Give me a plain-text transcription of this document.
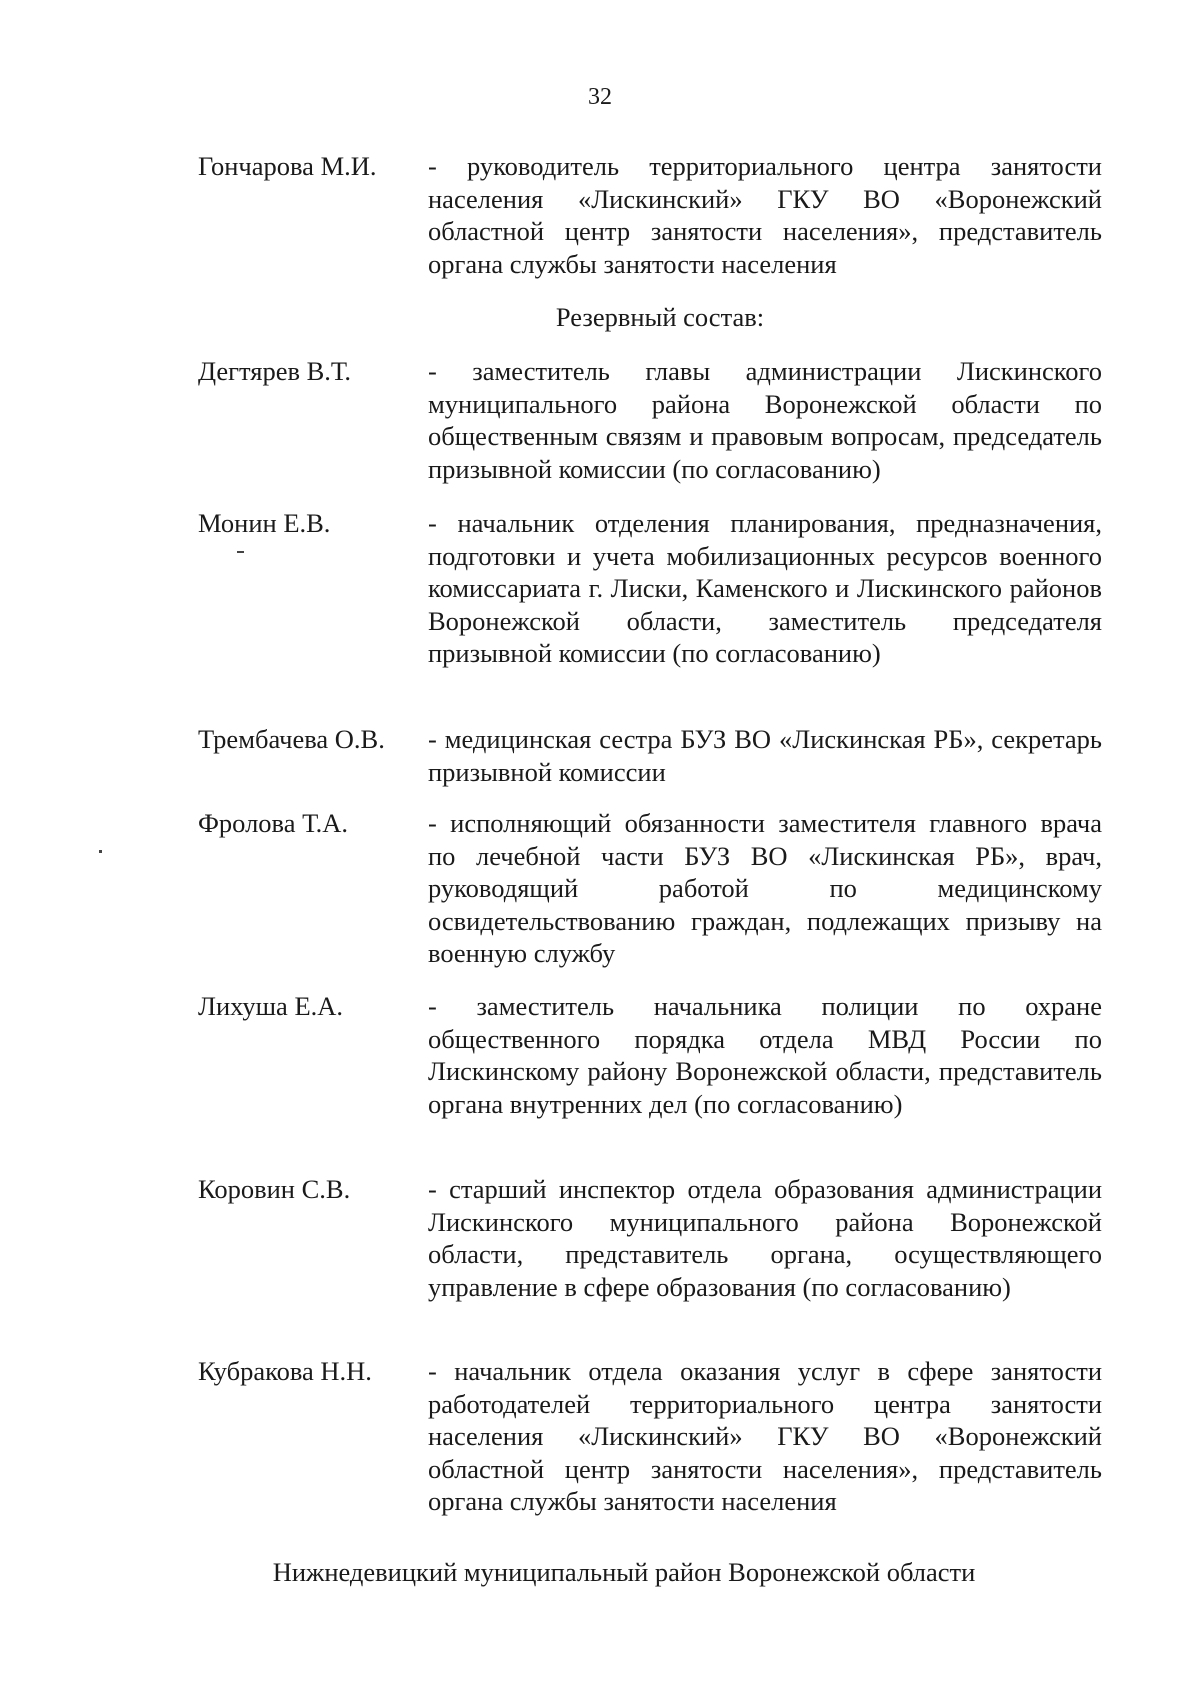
32
Гончарова М.И.	- руководитель территориального центра занятости населения «Лискинский» ГКУ ВО «Воронежский областной центр занятости населения», представитель органа службы занятости населения
Резервный состав:
Дегтярев В.Т.	- заместитель главы администрации Лискинского муниципального района Воронежской области по общественным связям и правовым вопросам, председатель призывной комиссии (по согласованию)
Монин Е.В.	- начальник отделения планирования, предназначения, подготовки и учета мобилизационных ресурсов военного комиссариата г. Лиски, Каменского и Лискинского районов Воронежской области, заместитель председателя призывной комиссии (по согласованию)
Трембачева О.В.	- медицинская сестра БУЗ ВО «Лискинская РБ», секретарь призывной комиссии
Фролова Т.А.	- исполняющий обязанности заместителя главного врача по лечебной части БУЗ ВО «Лискинская РБ», врач, руководящий работой по медицинскому освидетельствованию граждан, подлежащих призыву на военную службу
Лихуша Е.А.	- заместитель начальника полиции по охране общественного порядка отдела МВД России по Лискинскому району Воронежской области, представитель органа внутренних дел (по согласованию)
Коровин С.В.	- старший инспектор отдела образования администрации Лискинского муниципального района Воронежской области, представитель органа, осуществляющего управление в сфере образования (по согласованию)
Кубракова Н.Н.	- начальник отдела оказания услуг в сфере занятости работодателей территориального центра занятости населения «Лискинский» ГКУ ВО «Воронежский областной центр занятости населения», представитель органа службы занятости населения
Нижнедевицкий муниципальный район Воронежской области
